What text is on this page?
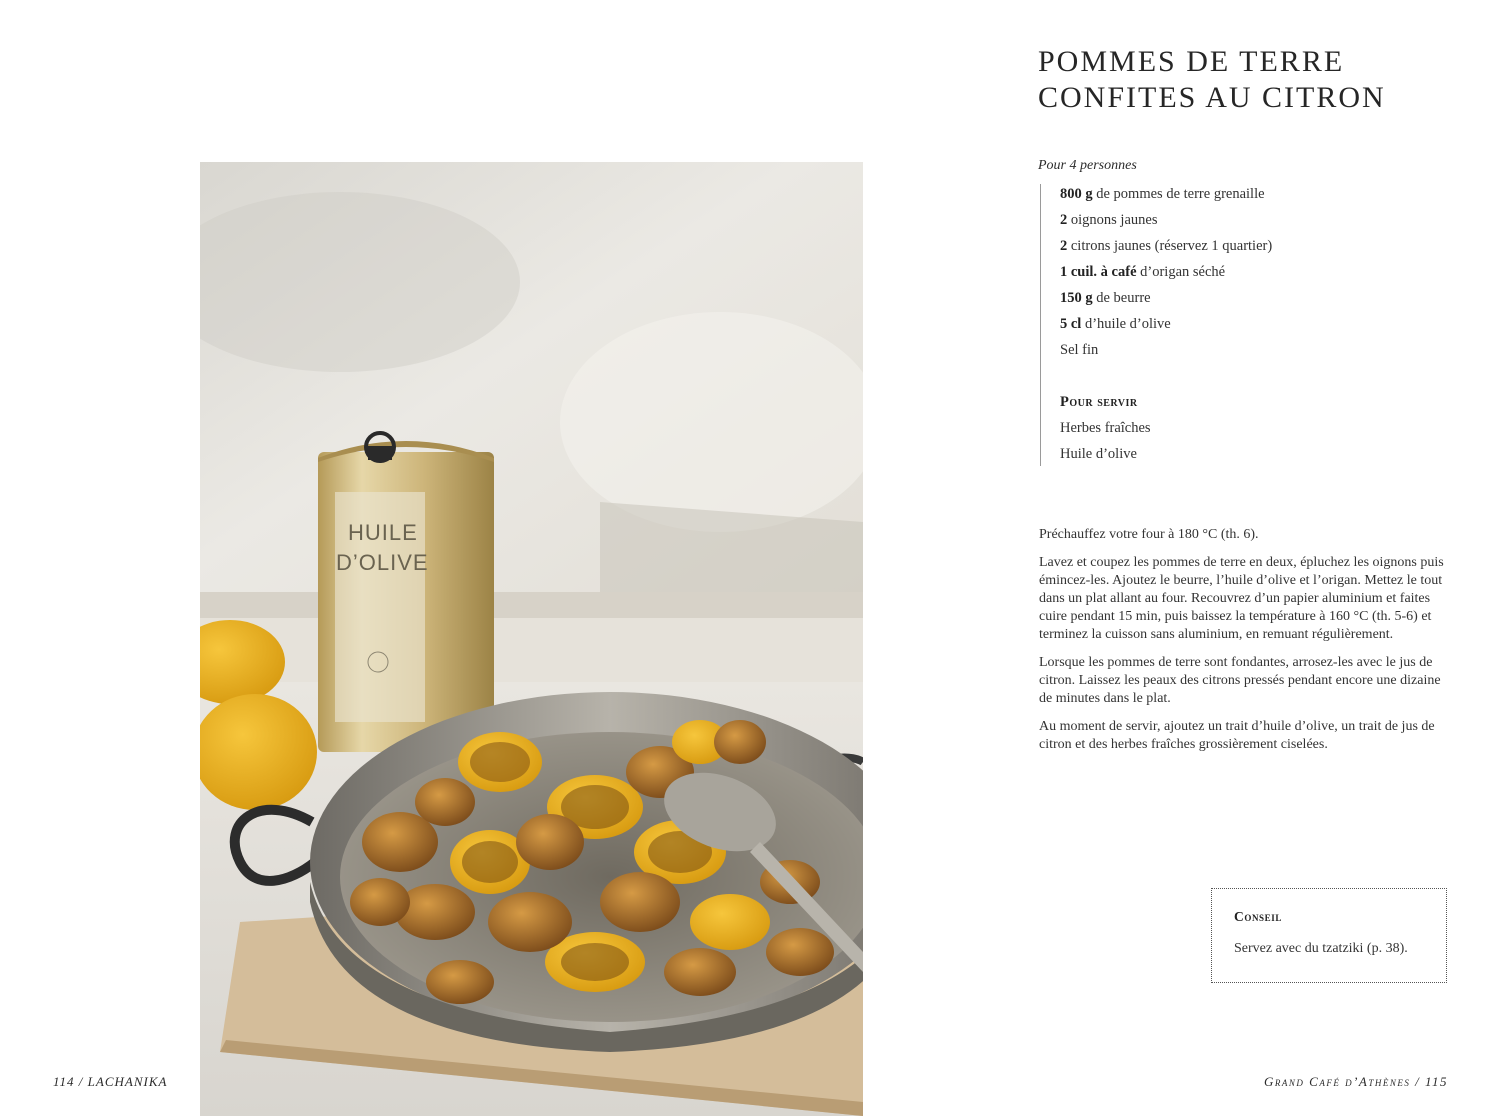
HUILE
D’OLIVE
POMMES DE TERRE
CONFITES AU CITRON
Pour 4 personnes
800 g de pommes de terre grenaille
2 oignons jaunes
2 citrons jaunes (réservez 1 quartier)
1 cuil. à café d’origan séché
150 g de beurre
5 cl d’huile d’olive
Sel fin
Pour servir
Herbes fraîches
Huile d’olive

Préchauffez votre four à 180 °C (th. 6).

Lavez et coupez les pommes de terre en deux, épluchez les oignons puis émincez-les. Ajoutez le beurre, l’huile d’olive et l’origan. Mettez le tout dans un plat allant au four. Recouvrez d’un papier aluminium et faites cuire pendant 15 min, puis baissez la température à 160 °C (th. 5-6) et terminez la cuisson sans aluminium, en remuant régulièrement.

Lorsque les pommes de terre sont fondantes, arrosez-les avec le jus de citron. Laissez les peaux des citrons pressés pendant encore une dizaine de minutes dans le plat.

Au moment de servir, ajoutez un trait d’huile d’olive, un trait de jus de citron et des herbes fraîches grossièrement ciselées.

Conseil
Servez avec du tzatziki (p. 38).
114 / LACHANIKA	Grand Café d’Athènes / 115
